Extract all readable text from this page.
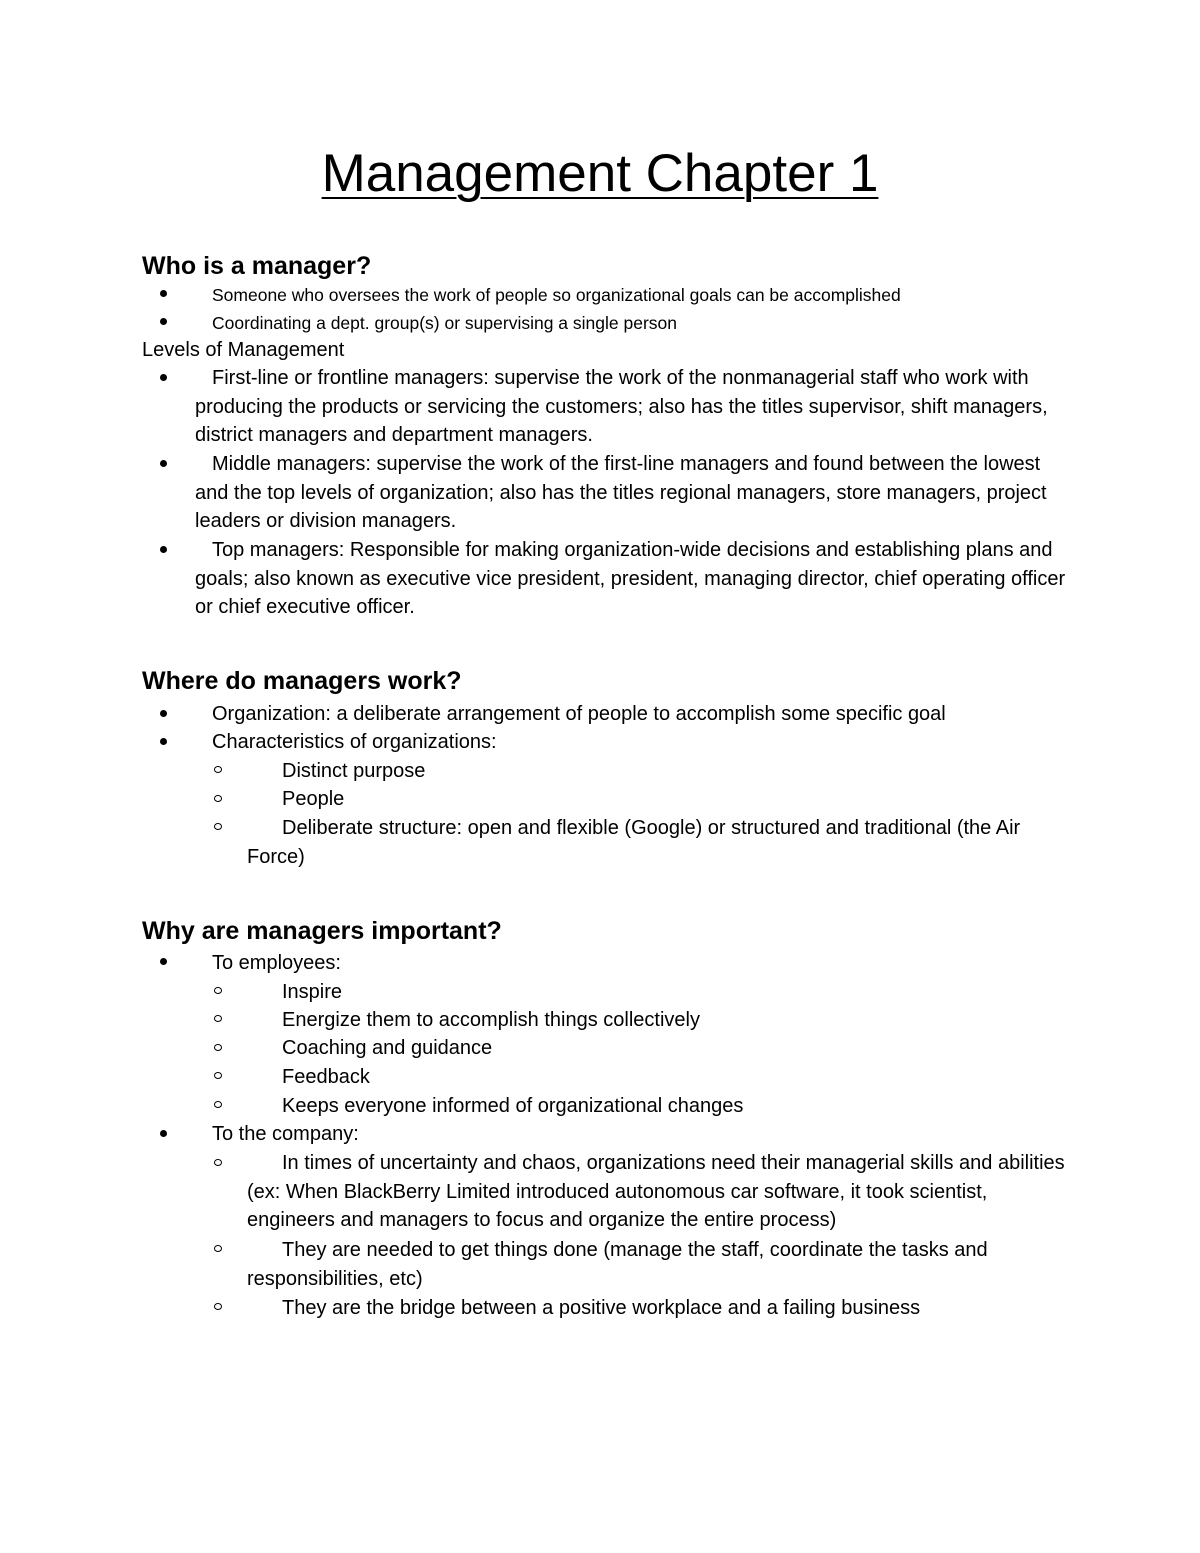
Management Chapter 1
Who is a manager?
Someone who oversees the work of people so organizational goals can be accomplished
Coordinating a dept. group(s) or supervising a single person
Levels of Management
First-line or frontline managers: supervise the work of the nonmanagerial staff who work with producing the products or servicing the customers; also has the titles supervisor, shift managers, district managers and department managers.
Middle managers: supervise the work of the first-line managers and found between the lowest and the top levels of organization; also has the titles regional managers, store managers, project leaders or division managers.
Top managers: Responsible for making organization-wide decisions and establishing plans and goals; also known as executive vice president, president, managing director, chief operating officer or chief executive officer.
Where do managers work?
Organization: a deliberate arrangement of people to accomplish some specific goal
Characteristics of organizations:
Distinct purpose
People
Deliberate structure: open and flexible (Google) or structured and traditional (the Air Force)
Why are managers important?
To employees:
Inspire
Energize them to accomplish things collectively
Coaching and guidance
Feedback
Keeps everyone informed of organizational changes
To the company:
In times of uncertainty and chaos, organizations need their managerial skills and abilities (ex: When BlackBerry Limited introduced autonomous car software, it took scientist, engineers and managers to focus and organize the entire process)
They are needed to get things done (manage the staff, coordinate the tasks and responsibilities, etc)
They are the bridge between a positive workplace and a failing business
